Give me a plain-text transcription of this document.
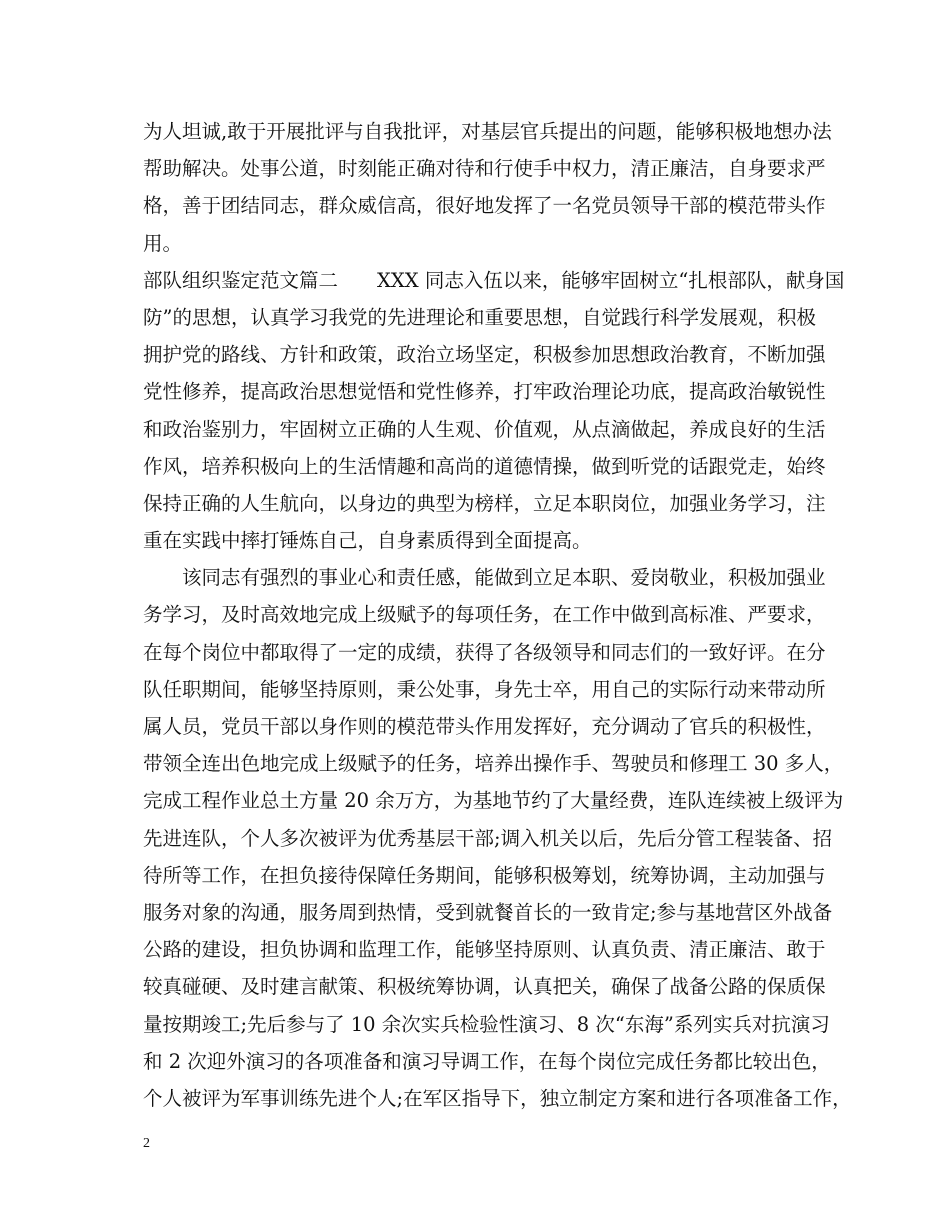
为人坦诚,敢于开展批评与自我批评，对基层官兵提出的问题，能够积极地想办法
帮助解决。处事公道，时刻能正确对待和行使手中权力，清正廉洁，自身要求严
格，善于团结同志，群众威信高，很好地发挥了一名党员领导干部的模范带头作
用。
部队组织鉴定范文篇二　　XXX 同志入伍以来，能够牢固树立“扎根部队，献身国
防”的思想，认真学习我党的先进理论和重要思想，自觉践行科学发展观，积极
拥护党的路线、方针和政策，政治立场坚定，积极参加思想政治教育，不断加强
党性修养，提高政治思想觉悟和党性修养，打牢政治理论功底，提高政治敏锐性
和政治鉴别力，牢固树立正确的人生观、价值观，从点滴做起，养成良好的生活
作风，培养积极向上的生活情趣和高尚的道德情操，做到听党的话跟党走，始终
保持正确的人生航向，以身边的典型为榜样，立足本职岗位，加强业务学习，注
重在实践中摔打锤炼自己，自身素质得到全面提高。
该同志有强烈的事业心和责任感，能做到立足本职、爱岗敬业，积极加强业
务学习，及时高效地完成上级赋予的每项任务，在工作中做到高标准、严要求，
在每个岗位中都取得了一定的成绩，获得了各级领导和同志们的一致好评。在分
队任职期间，能够坚持原则，秉公处事，身先士卒，用自己的实际行动来带动所
属人员，党员干部以身作则的模范带头作用发挥好，充分调动了官兵的积极性，
带领全连出色地完成上级赋予的任务，培养出操作手、驾驶员和修理工 30 多人，
完成工程作业总土方量 20 余万方，为基地节约了大量经费，连队连续被上级评为
先进连队，个人多次被评为优秀基层干部;调入机关以后，先后分管工程装备、招
待所等工作，在担负接待保障任务期间，能够积极筹划，统筹协调，主动加强与
服务对象的沟通，服务周到热情，受到就餐首长的一致肯定;参与基地营区外战备
公路的建设，担负协调和监理工作，能够坚持原则、认真负责、清正廉洁、敢于
较真碰硬、及时建言献策、积极统筹协调，认真把关，确保了战备公路的保质保
量按期竣工;先后参与了 10 余次实兵检验性演习、8 次“东海”系列实兵对抗演习
和 2 次迎外演习的各项准备和演习导调工作，在每个岗位完成任务都比较出色，
个人被评为军事训练先进个人;在军区指导下，独立制定方案和进行各项准备工作，
2
